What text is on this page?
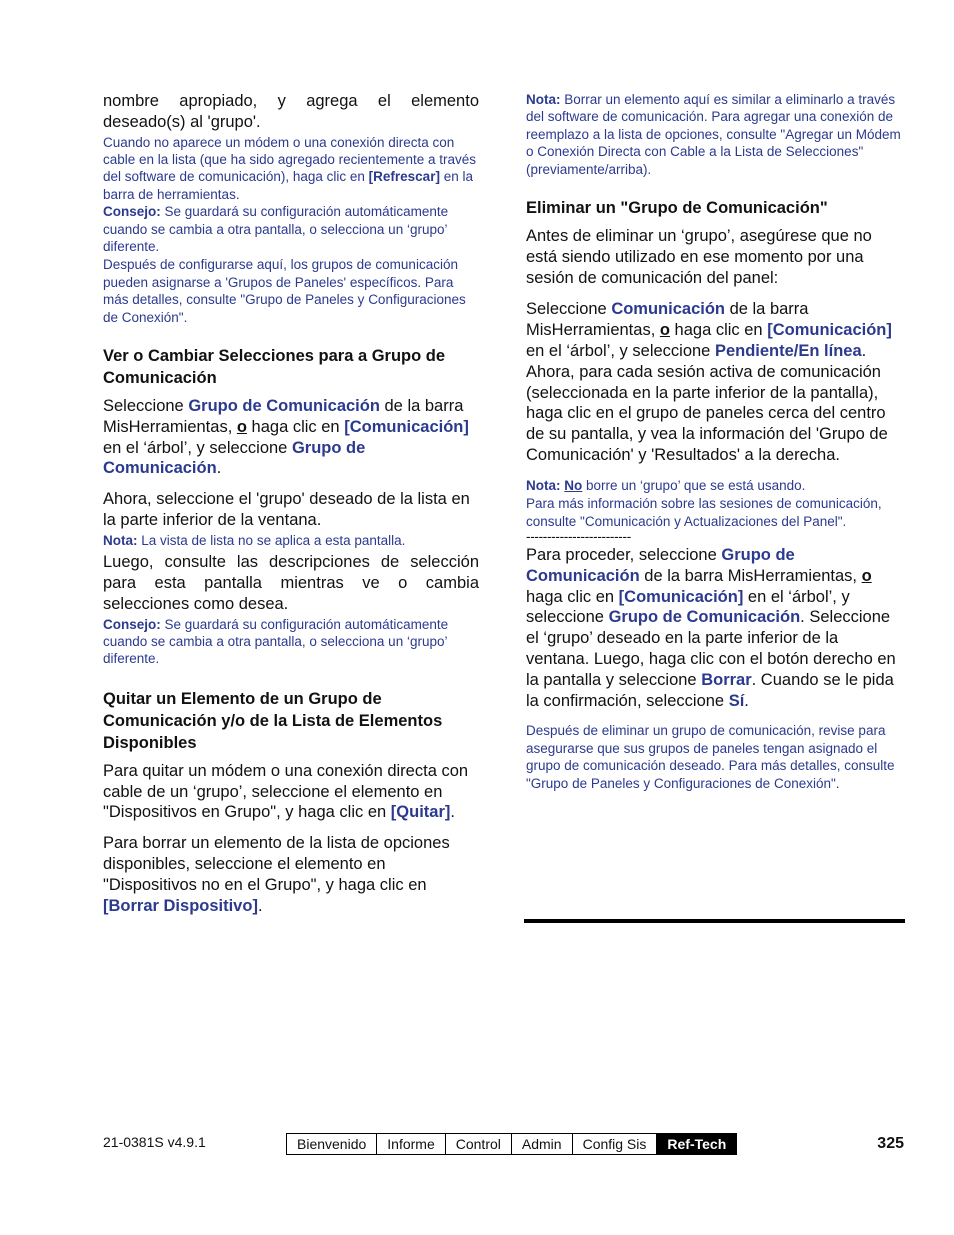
nombre apropiado, y agrega el elemento deseado(s) al 'grupo'.

Cuando no aparece un módem o una conexión directa con cable en la lista (que ha sido agregado recientemente a través del software de comunicación), haga clic en [Refrescar] en la barra de herramientas.

Consejo: Se guardará su configuración automáticamente cuando se cambia a otra pantalla, o selecciona un ‘grupo’ diferente.

Después de configurarse aquí, los grupos de comunicación pueden asignarse a 'Grupos de Paneles' específicos. Para más detalles, consulte "Grupo de Paneles y Configuraciones de Conexión".

Ver o Cambiar Selecciones para a Grupo de Comunicación

Seleccione Grupo de Comunicación de la barra MisHerramientas, o haga clic en [Comunicación] en el ‘árbol’, y seleccione Grupo de Comunicación.

Ahora, seleccione el 'grupo' deseado de la lista en la parte inferior de la ventana.

Nota: La vista de lista no se aplica a esta pantalla.

Luego, consulte las descripciones de selección para esta pantalla mientras ve o cambia selecciones como desea.

Consejo: Se guardará su configuración automáticamente cuando se cambia a otra pantalla, o selecciona un ‘grupo’ diferente.

Quitar un Elemento de un Grupo de Comunicación y/o de la Lista de Elementos Disponibles

Para quitar un módem o una conexión directa con cable de un ‘grupo’, seleccione el elemento en "Dispositivos en Grupo", y haga clic en [Quitar].

Para borrar un elemento de la lista de opciones disponibles, seleccione el elemento en "Dispositivos no en el Grupo", y haga clic en [Borrar Dispositivo].

Nota: Borrar un elemento aquí es similar a eliminarlo a través del software de comunicación. Para agregar una conexión de reemplazo a la lista de opciones, consulte "Agregar un Módem o Conexión Directa con Cable a la Lista de Selecciones" (previamente/arriba).

Eliminar un "Grupo de Comunicación"

Antes de eliminar un ‘grupo’, asegúrese que no está siendo utilizado en ese momento por una sesión de comunicación del panel:

Seleccione Comunicación de la barra MisHerramientas, o haga clic en [Comunicación] en el ‘árbol’, y seleccione Pendiente/En línea. Ahora, para cada sesión activa de comunicación (seleccionada en la parte inferior de la pantalla), haga clic en el grupo de paneles cerca del centro de su pantalla, y vea la información del 'Grupo de Comunicación' y 'Resultados' a la derecha.

Nota: No borre un ‘grupo’ que se está usando.

Para más información sobre las sesiones de comunicación, consulte "Comunicación y Actualizaciones del Panel".

-------------------------

Para proceder, seleccione Grupo de Comunicación de la barra MisHerramientas, o haga clic en [Comunicación] en el ‘árbol’, y seleccione Grupo de Comunicación. Seleccione el ‘grupo’ deseado en la parte inferior de la ventana. Luego, haga clic con el botón derecho en la pantalla y seleccione Borrar. Cuando se le pida la confirmación, seleccione Sí.

Después de eliminar un grupo de comunicación, revise para asegurarse que sus grupos de paneles tengan asignado el grupo de comunicación deseado. Para más detalles, consulte "Grupo de Paneles y Configuraciones de Conexión".

21-0381S v4.9.1	Bienvenido	Informe	Control	Admin	Config Sis	Ref-Tech	325
